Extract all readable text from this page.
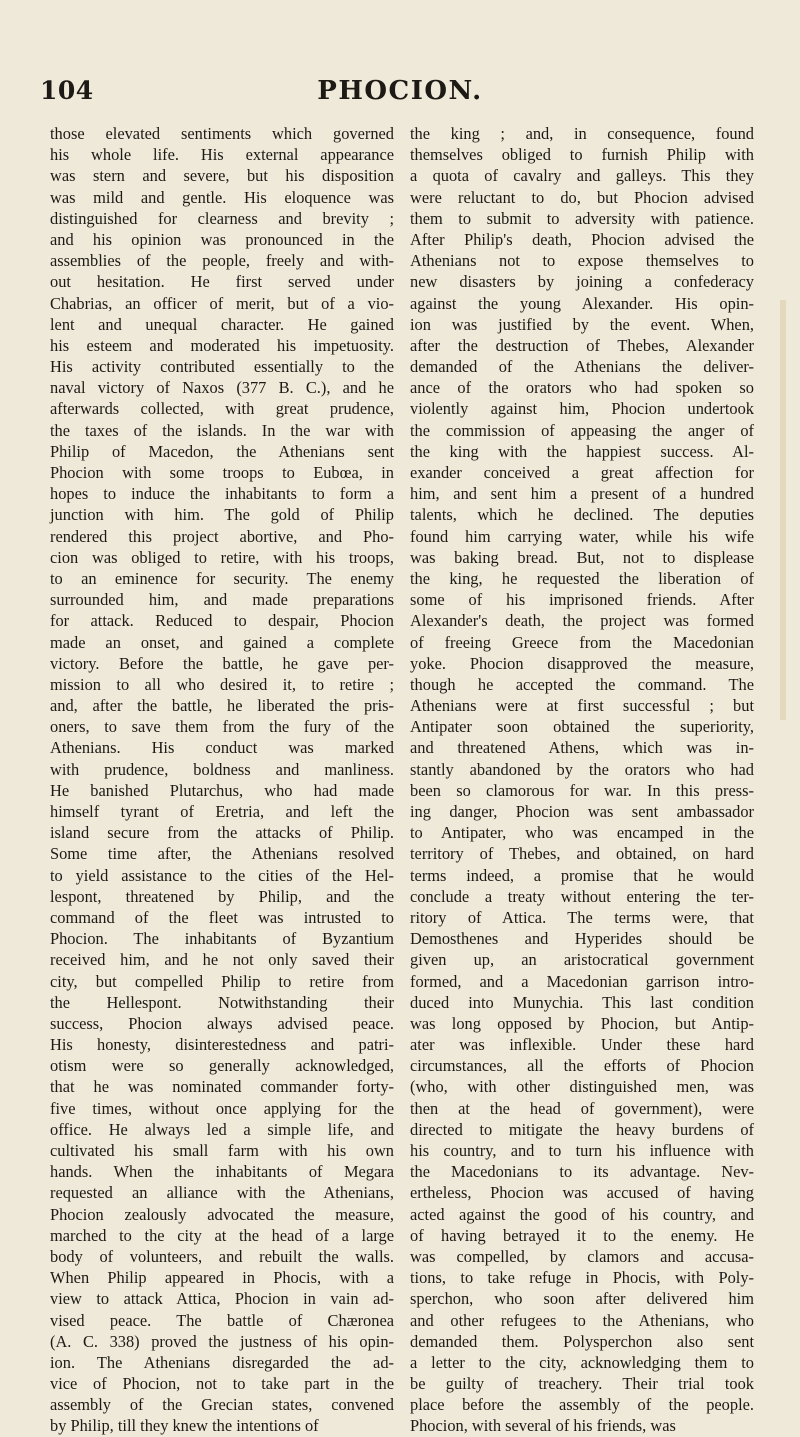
104	PHOCION.
those elevated sentiments which governed
his whole life. His external appearance
was stern and severe, but his disposition
was mild and gentle. His eloquence was
distinguished for clearness and brevity ;
and his opinion was pronounced in the
assemblies of the people, freely and with-
out hesitation. He first served under
Chabrias, an officer of merit, but of a vio-
lent and unequal character. He gained
his esteem and moderated his impetuosity.
His activity contributed essentially to the
naval victory of Naxos (377 B. C.), and he
afterwards collected, with great prudence,
the taxes of the islands. In the war with
Philip of Macedon, the Athenians sent
Phocion with some troops to Eubœa, in
hopes to induce the inhabitants to form a
junction with him. The gold of Philip
rendered this project abortive, and Pho-
cion was obliged to retire, with his troops,
to an eminence for security. The enemy
surrounded him, and made preparations
for attack. Reduced to despair, Phocion
made an onset, and gained a complete
victory. Before the battle, he gave per-
mission to all who desired it, to retire ;
and, after the battle, he liberated the pris-
oners, to save them from the fury of the
Athenians. His conduct was marked
with prudence, boldness and manliness.
He banished Plutarchus, who had made
himself tyrant of Eretria, and left the
island secure from the attacks of Philip.
Some time after, the Athenians resolved
to yield assistance to the cities of the Hel-
lespont, threatened by Philip, and the
command of the fleet was intrusted to
Phocion. The inhabitants of Byzantium
received him, and he not only saved their
city, but compelled Philip to retire from
the Hellespont. Notwithstanding their
success, Phocion always advised peace.
His honesty, disinterestedness and patri-
otism were so generally acknowledged,
that he was nominated commander forty-
five times, without once applying for the
office. He always led a simple life, and
cultivated his small farm with his own
hands. When the inhabitants of Megara
requested an alliance with the Athenians,
Phocion zealously advocated the measure,
marched to the city at the head of a large
body of volunteers, and rebuilt the walls.
When Philip appeared in Phocis, with a
view to attack Attica, Phocion in vain ad-
vised peace. The battle of Chæronea
(A. C. 338) proved the justness of his opin-
ion. The Athenians disregarded the ad-
vice of Phocion, not to take part in the
assembly of the Grecian states, convened
by Philip, till they knew the intentions of
the king ; and, in consequence, found
themselves obliged to furnish Philip with
a quota of cavalry and galleys. This they
were reluctant to do, but Phocion advised
them to submit to adversity with patience.
After Philip's death, Phocion advised the
Athenians not to expose themselves to
new disasters by joining a confederacy
against the young Alexander. His opin-
ion was justified by the event. When,
after the destruction of Thebes, Alexander
demanded of the Athenians the deliver-
ance of the orators who had spoken so
violently against him, Phocion undertook
the commission of appeasing the anger of
the king with the happiest success. Al-
exander conceived a great affection for
him, and sent him a present of a hundred
talents, which he declined. The deputies
found him carrying water, while his wife
was baking bread. But, not to displease
the king, he requested the liberation of
some of his imprisoned friends. After
Alexander's death, the project was formed
of freeing Greece from the Macedonian
yoke. Phocion disapproved the measure,
though he accepted the command. The
Athenians were at first successful ; but
Antipater soon obtained the superiority,
and threatened Athens, which was in-
stantly abandoned by the orators who had
been so clamorous for war. In this press-
ing danger, Phocion was sent ambassador
to Antipater, who was encamped in the
territory of Thebes, and obtained, on hard
terms indeed, a promise that he would
conclude a treaty without entering the ter-
ritory of Attica. The terms were, that
Demosthenes and Hyperides should be
given up, an aristocratical government
formed, and a Macedonian garrison intro-
duced into Munychia. This last condition
was long opposed by Phocion, but Antip-
ater was inflexible. Under these hard
circumstances, all the efforts of Phocion
(who, with other distinguished men, was
then at the head of government), were
directed to mitigate the heavy burdens of
his country, and to turn his influence with
the Macedonians to its advantage. Nev-
ertheless, Phocion was accused of having
acted against the good of his country, and
of having betrayed it to the enemy. He
was compelled, by clamors and accusa-
tions, to take refuge in Phocis, with Poly-
sperchon, who soon after delivered him
and other refugees to the Athenians, who
demanded them. Polysperchon also sent
a letter to the city, acknowledging them to
be guilty of treachery. Their trial took
place before the assembly of the people.
Phocion, with several of his friends, was
